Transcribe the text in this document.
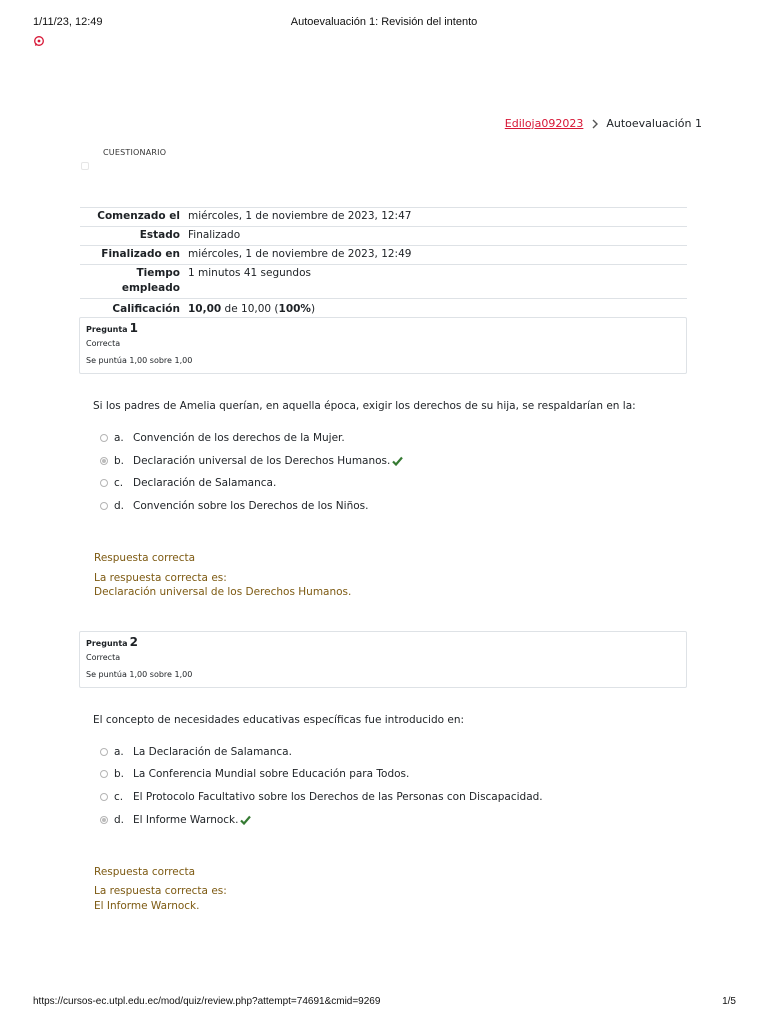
1/11/23, 12:49	Autoevaluación 1: Revisión del intento
Ediloja092023 Autoevaluación 1
CUESTIONARIO
Comenzado el	miércoles, 1 de noviembre de 2023, 12:47
Estado	Finalizado
Finalizado en	miércoles, 1 de noviembre de 2023, 12:49
Tiempo empleado	1 minutos 41 segundos
Calificación	10,00 de 10,00 (100%)
Pregunta 1
Correcta
Se puntúa 1,00 sobre 1,00
Si los padres de Amelia querían, en aquella época, exigir los derechos de su hija, se respaldarían en la:
a. Convención de los derechos de la Mujer.
b. Declaración universal de los Derechos Humanos.
c. Declaración de Salamanca.
d. Convención sobre los Derechos de los Niños.
Respuesta correcta
La respuesta correcta es:
Declaración universal de los Derechos Humanos.
Pregunta 2
Correcta
Se puntúa 1,00 sobre 1,00
El concepto de necesidades educativas específicas fue introducido en:
a. La Declaración de Salamanca.
b. La Conferencia Mundial sobre Educación para Todos.
c. El Protocolo Facultativo sobre los Derechos de las Personas con Discapacidad.
d. El Informe Warnock.
Respuesta correcta
La respuesta correcta es:
El Informe Warnock.
https://cursos-ec.utpl.edu.ec/mod/quiz/review.php?attempt=74691&cmid=9269	1/5
